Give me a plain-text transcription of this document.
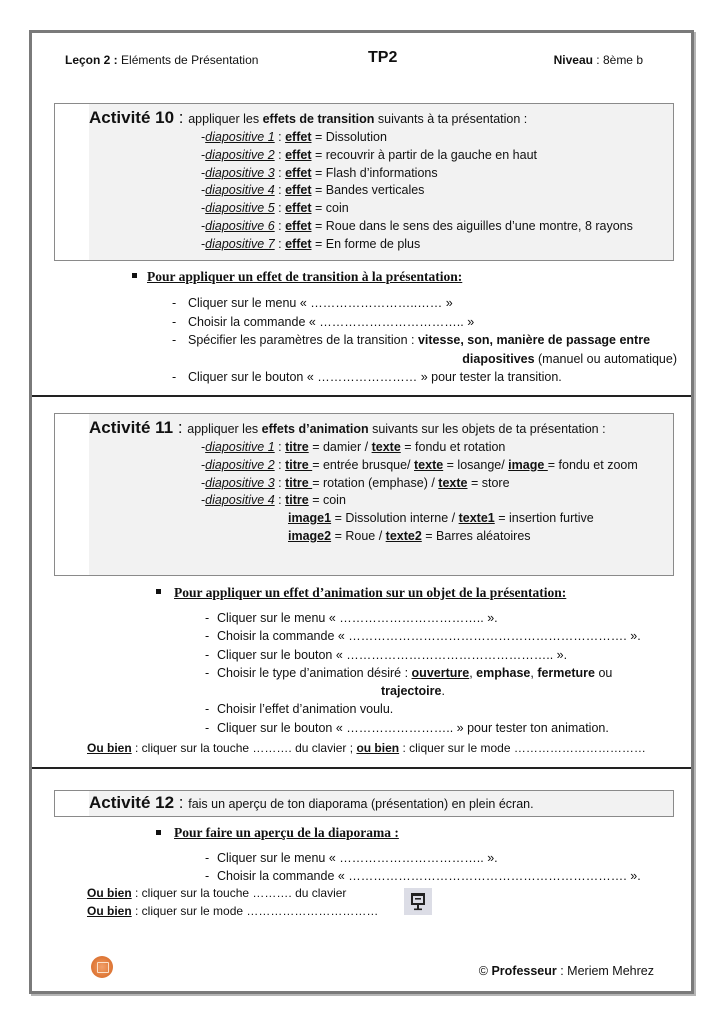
Leçon 2 : Eléments de Présentation	TP2	Niveau : 8ème b
Activité 10 : appliquer les effets de transition suivants à ta présentation :
-diapositive 1 : effet = Dissolution
-diapositive 2 : effet = recouvrir à partir de la gauche en haut
-diapositive 3 : effet = Flash d’informations
-diapositive 4 : effet = Bandes verticales
-diapositive 5 : effet = coin
-diapositive 6 : effet = Roue dans le sens des aiguilles d’une montre, 8 rayons
-diapositive 7 : effet = En forme de plus
Pour appliquer un effet de transition à la présentation:
- Cliquer sur le menu « ……………………..…… »
- Choisir la commande « …………………………….. »
- Spécifier les paramètres de la transition : vitesse, son, manière de passage entre
diapositives (manuel ou automatique)
- Cliquer sur le bouton « …………………… » pour tester la transition.
Activité 11 : appliquer les effets d’animation suivants sur les objets de ta présentation :
-diapositive 1 : titre = damier / texte = fondu et rotation
-diapositive 2 : titre = entrée brusque/ texte = losange/ image = fondu et zoom
-diapositive 3 : titre = rotation (emphase) / texte = store
-diapositive 4 : titre = coin
image1 = Dissolution interne / texte1 = insertion furtive
image2 = Roue / texte2 = Barres aléatoires
Pour appliquer un effet d’animation sur un objet de la présentation:
- Cliquer sur le menu « …………………………….. ».
- Choisir la commande « …………………………………………………………. ».
- Cliquer sur le bouton « ………………………………………….. ».
- Choisir le type d’animation désiré : ouverture, emphase, fermeture ou
trajectoire.
- Choisir l’effet d’animation voulu.
- Cliquer sur le bouton « …………………….. » pour tester ton animation.
Ou bien : cliquer sur la touche ………. du clavier ; ou bien : cliquer sur le mode ……………………………
Activité 12 : fais un aperçu de ton diaporama (présentation) en plein écran.
Pour faire un aperçu de la diaporama :
- Cliquer sur le menu « …………………………….. ».
- Choisir la commande « …………………………………………………………. ».
Ou bien : cliquer sur la touche ………. du clavier
Ou bien : cliquer sur le mode ……………………………
© Professeur : Meriem Mehrez
